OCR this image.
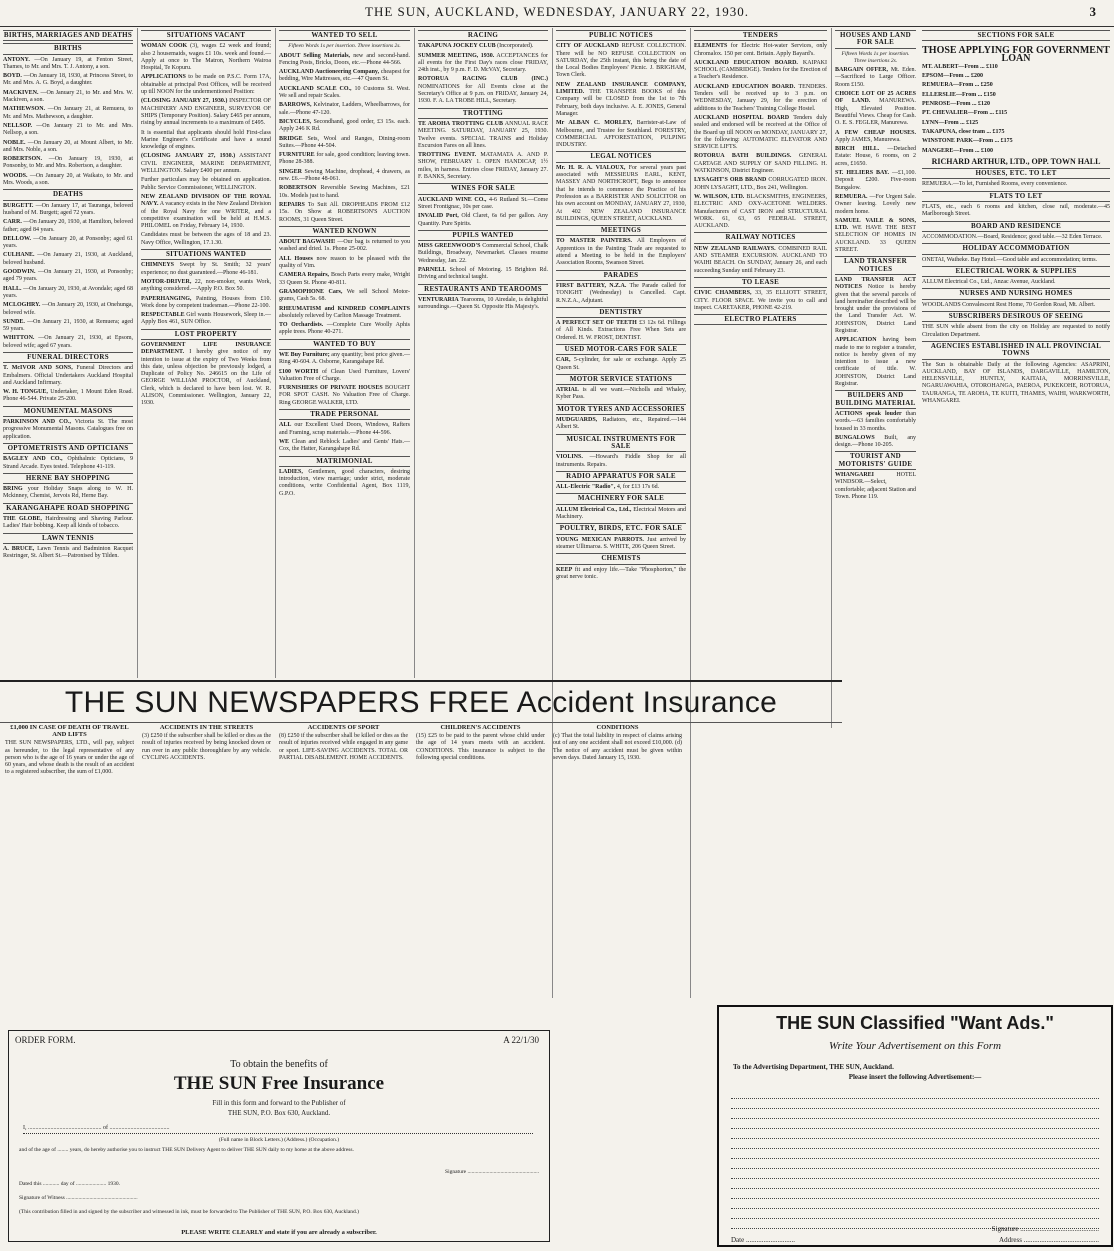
THE SUN, AUCKLAND, WEDNESDAY, JANUARY 22, 1930.	3
BIRTHS, MARRIAGES AND DEATHS
BIRTHS
ANTONY. —On January 19, at Fenton Street, Thames, to Mr. and Mrs. T. J. Antony, a son.
BOYD. —On January 18, 1930, at Princess Street, to Mr. and Mrs. A. G. Boyd, a daughter.
MACKIVEN. —On January 21, to Mr. and Mrs. W. Mackiven, a son.
MATHEWSON. —On January 21, at Remuera, to Mr. and Mrs. Mathewson, a daughter.
NELLSOP. —On January 21 to Mr. and Mrs. Nellsop, a son.
NOBLE. —On January 20, at Mount Albert, to Mr. and Mrs. Noble, a son.
ROBERTSON. —On January 19, 1930, at Ponsonby, to Mr. and Mrs. Robertson, a daughter.
WOODS. —On January 20, at Waikato, to Mr. and Mrs. Woods, a son.
DEATHS
BURGETT. —On January 17, at Tauranga, beloved husband of M. Burgett; aged 72 years.
CARR. —On January 20, 1930, at Hamilton, beloved father; aged 84 years.
DELLOW. —On January 20, at Ponsonby; aged 61 years.
CULHANE. —On January 21, 1930, at Auckland, beloved husband.
GOODWIN. —On January 21, 1930, at Ponsonby; aged 79 years.
HALL. —On January 20, 1930, at Avondale; aged 68 years.
MCLOGHRY. —On January 20, 1930, at Onehunga, beloved wife.
SUNDE. —On January 21, 1930, at Remuera; aged 59 years.
WHITTON. —On January 21, 1930, at Epsom, beloved wife; aged 67 years.
FUNERAL DIRECTORS
T. McIVOR AND SONS, Funeral Directors and Embalmers. Official Undertakers Auckland Hospital and Auckland Infirmary.
W. H. TONGUE, Undertaker, 1 Mount Eden Road. Phone 46-544. Private 25-200.
MONUMENTAL MASONS
PARKINSON AND CO., Victoria St. The most progressive Monumental Masons. Catalogues free on application.
OPTOMETRISTS AND OPTICIANS
BAGLEY AND CO., Ophthalmic Opticians, 9 Strand Arcade. Eyes tested. Telephone 41-119.
HERNE BAY SHOPPING
BRING your Holiday Snaps along to W. H. Mckinney, Chemist, Jervois Rd, Herne Bay.
KARANGAHAPE ROAD SHOPPING
THE GLOBE, Hairdressing and Shaving Parlour. Ladies' Hair bobbing. Keep all kinds of tobacco.
LAWN TENNIS
A. BRUCE, Lawn Tennis and Badminton Racquet Restringer, St. Albert St.—Patronised by Tilden.
SITUATIONS VACANT
WOMAN COOK (3), wages £2 week and found; also 2 housemaids, wages £1 10s. week and found.—Apply at once to The Matron, Northern Wairoa Hospital, Te Kopuru.
APPLICATIONS to be made on P.S.C. Form 17A, obtainable at principal Post Offices, will be received up till NOON for the undermentioned Position:
(CLOSING JANUARY 27, 1930.) INSPECTOR OF MACHINERY AND ENGINEER, SURVEYOR OF SHIPS (Temporary Position). Salary £465 per annum, rising by annual increments to a maximum of £495.
It is essential that applicants should hold First-class Marine Engineer's Certificate and have a sound knowledge of engines.
(CLOSING JANUARY 27, 1930.) ASSISTANT CIVIL ENGINEER, MARINE DEPARTMENT, WELLINGTON. Salary £400 per annum.
Further particulars may be obtained on application. Public Service Commissioner, WELLINGTON.
NEW ZEALAND DIVISION OF THE ROYAL NAVY. A vacancy exists in the New Zealand Division of the Royal Navy for one WRITER, and a competitive examination will be held at H.M.S. PHILOMEL on Friday, February 14, 1930.
Candidates must be between the ages of 18 and 23. Navy Office, Wellington, 17.1.30.
SITUATIONS WANTED
CHIMNEYS Swept by St. Smith; 32 years' experience; no dust guaranteed.—Phone 46-181.
MOTOR-DRIVER, 22, non-smoker, wants Work, anything considered.—Apply P.O. Box 50.
PAPERHANGING, Painting, Houses from £10. Work done by competent tradesman.—Phone 22-100.
RESPECTABLE Girl wants Housework, Sleep in.—Apply Box 461, SUN Office.
LOST PROPERTY
GOVERNMENT LIFE INSURANCE DEPARTMENT. I hereby give notice of my intention to issue at the expiry of Two Weeks from this date, unless objection be previously lodged, a Duplicate of Policy No. 246615 on the Life of GEORGE WILLIAM PROCTOR, of Auckland, Clerk, which is declared to have been lost. W. R. ALISON, Commissioner. Wellington, January 22, 1930.
WANTED TO SELL
Fifteen Words 1s per insertion. Three insertions 2s.
ABOUT Selling Materials, new and second-hand. Fencing Posts, Bricks, Doors, etc.—Phone 44-566.
AUCKLAND Auctioneering Company, cheapest for bedding, Wire Mattresses, etc.—47 Queen St.
AUCKLAND SCALE CO., 10 Customs St. West. We sell and repair Scales.
BARROWS, Kelvinator, Ladders, Wheelbarrows, for sale.—Phone 47-120.
BICYCLES, Secondhand, good order, £3 15s. each. Apply 246 K Rd.
BRIDGE Sets, Wool and Ranges, Dining-room Suites.—Phone 44-504.
FURNITURE for sale, good condition; leaving town. Phone 28-388.
SINGER Sewing Machine, drophead, 4 drawers, as new. £6.—Phone 48-061.
ROBERTSON Reversible Sewing Machines, £21 10s. Models just to hand.
REPAIRS To Suit All. DROPHEADS FROM £12 15s. On Show at ROBERTSON'S AUCTION ROOMS, 31 Queen Street.
WANTED KNOWN
ABOUT BAGWASH! —Our bag is returned to you washed and dried. 1s. Phone 25-002.
ALL Houses now reason to be pleased with the quality of Vim.
CAMERA Repairs, Bosch Parts every make, Wright 33 Queen St. Phone 40-811.
GRAMOPHONE Cars, We sell School Motor-grams, Cash 5s. 68.
RHEUMATISM and KINDRED COMPLAINTS absolutely relieved by Carlton Massage Treatment.
TO Orchardists. —Complete Cure Woolly Aphis apple trees. Phone 40-271.
WANTED TO BUY
WE Buy Furniture; any quantity; best price given.—Ring 40-604. A. Osborne, Karangahape Rd.
£100 WORTH of Clean Used Furniture, Lovers' Valuation Free of Charge.
FURNISHERS OF PRIVATE HOUSES BOUGHT FOR SPOT CASH. No Valuation Free of Charge. Ring GEORGE WALKER, LTD.
TRADE PERSONAL
ALL our Excellent Used Doors, Windows, Rafters and Framing, scrap materials.—Phone 44-596.
WE Clean and Reblock Ladies' and Gents' Hats.—Cox, the Hatter, Karangahape Rd.
MATRIMONIAL
LADIES, Gentlemen, good characters, desiring introduction, view marriage; under strict, moderate conditions, write Confidential Agent, Box 1119, G.P.O.
RACING
TAKAPUNA JOCKEY CLUB (Incorporated).
SUMMER MEETING, 1930. ACCEPTANCES for all events for the First Day's races close FRIDAY, 24th inst., by 9 p.m. F. D. McVAY, Secretary.
ROTORUA RACING CLUB (INC.) NOMINATIONS for All Events close at the Secretary's Office at 9 p.m. on FRIDAY, January 24, 1930. F. A. LA TROBE HILL, Secretary.
TROTTING
TE AROHA TROTTING CLUB ANNUAL RACE MEETING. SATURDAY, JANUARY 25, 1930. Twelve events. SPECIAL TRAINS and Holiday Excursion Fares on all lines.
TROTTING EVENT. MATAMATA A. AND P. SHOW, FEBRUARY 1. OPEN HANDICAP, 1½ miles, in harness. Entries close FRIDAY, January 27. F. BANKS, Secretary.
WINES FOR SALE
AUCKLAND WINE CO., 4-6 Rutland St.—Come Street Frontignac, 10s per case.
INVALID Port, Old Claret, 6s 6d per gallon. Any Quantity. Pure Spirits.
PUPILS WANTED
MISS GREENWOOD'S Commercial School, Chalk Buildings, Broadway, Newmarket. Classes resume Wednesday, Jan. 22.
PARNELL School of Motoring. 15 Brighton Rd. Driving and technical taught.
RESTAURANTS AND TEAROOMS
VENTURARIA Tearooms, 10 Airedale, is delightful surroundings.—Queen St. Opposite His Majesty's.
PUBLIC NOTICES
CITY OF AUCKLAND REFUSE COLLECTION. There will be NO REFUSE COLLECTION on SATURDAY, the 25th instant, this being the date of the Local Bodies Employees' Picnic. J. BRIGHAM, Town Clerk.
NEW ZEALAND INSURANCE COMPANY, LIMITED. THE TRANSFER BOOKS of this Company will be CLOSED from the 1st to 7th February, both days inclusive. A. E. JONES, General Manager.
Mr ALBAN C. MORLEY, Barrister-at-Law of Melbourne, and Trustee for Southland. FORESTRY, COMMERCIAL AFFORESTATION, PULPING INDUSTRY.
LEGAL NOTICES
Mr. H. R. A. VIALOUX, For several years past associated with MESSIEURS EARL, KENT, MASSEY AND NORTHCROFT, Begs to announce that he intends to commence the Practice of his Profession as a BARRISTER AND SOLICITOR on his own account on MONDAY, JANUARY 27, 1930, At 402 NEW ZEALAND INSURANCE BUILDINGS, QUEEN STREET, AUCKLAND.
MEETINGS
TO MASTER PAINTERS. All Employers of Apprentices in the Painting Trade are requested to attend a Meeting to be held in the Employers' Association Rooms, Swanson Street.
PARADES
FIRST BATTERY, N.Z.A. The Parade called for TONIGHT (Wednesday) is Cancelled. Capt. R.N.Z.A., Adjutant.
DENTISTRY
A PERFECT SET OF TEETH £3 12s 6d. Fillings of All Kinds. Extractions Free When Sets are Ordered. H. W. FROST, DENTIST.
USED MOTOR-CARS FOR SALE
CAR, 5-cylinder, for sale or exchange. Apply 25 Queen St.
MOTOR SERVICE STATIONS
ATRIAL is all we want.—Nicholls and Whaley, Kyber Pass.
MOTOR TYRES AND ACCESSORIES
MUDGUARDS, Radiators, etc., Repaired.—144 Albert St.
MUSICAL INSTRUMENTS FOR SALE
VIOLINS. —Howard's Fiddle Shop for all instruments. Repairs.
RADIO APPARATUS FOR SALE
ALL-Electric "Radio", 4, for £13 17s 6d.
MACHINERY FOR SALE
ALLUM Electrical Co., Ltd., Electrical Motors and Machinery.
POULTRY, BIRDS, ETC. FOR SALE
YOUNG MEXICAN PARROTS. Just arrived by steamer Ullimaroa. S. WHITE, 206 Queen Street.
CHEMISTS
KEEP fit and enjoy life.—Take "Phosphorton," the great nerve tonic.
TENDERS
ELEMENTS for Electric Hot-water Services, only Chromalox. 150 per cent. Britain. Apply Bayard's.
AUCKLAND EDUCATION BOARD. KAIPAKI SCHOOL (CAMBRIDGE). Tenders for the Erection of a Teacher's Residence.
AUCKLAND EDUCATION BOARD. TENDERS. Tenders will be received up to 3 p.m. on WEDNESDAY, January 29, for the erection of additions to the Teachers' Training College Hostel.
AUCKLAND HOSPITAL BOARD Tenders duly sealed and endorsed will be received at the Office of the Board up till NOON on MONDAY, JANUARY 27, for the following: AUTOMATIC ELEVATOR AND SERVICE LIFTS.
ROTORUA BATH BUILDINGS. GENERAL CARTAGE AND SUPPLY OF SAND FILLING. H. WATKINSON, District Engineer.
LYSAGHT'S ORB BRAND CORRUGATED IRON. JOHN LYSAGHT, LTD., Box 241, Wellington.
W. WILSON, LTD. BLACKSMITHS, ENGINEERS, ELECTRIC AND OXY-ACETONE WELDERS. Manufacturers of CAST IRON and STRUCTURAL WORK. 61, 63, 65 FEDERAL STREET, AUCKLAND.
RAILWAY NOTICES
NEW ZEALAND RAILWAYS. COMBINED RAIL AND STEAMER EXCURSION. AUCKLAND TO WAIHI BEACH. On SUNDAY, January 26, and each succeeding Sunday until February 23.
TO LEASE
CIVIC CHAMBERS, 33, 35 ELLIOTT STREET, CITY. FLOOR SPACE. We invite you to call and inspect. CARETAKER, PHONE 42-219.
ELECTRO PLATERS
HOUSES AND LAND FOR SALE
Fifteen Words 1s per insertion. Three insertions 2s.
BARGAIN OFFER, Mt. Eden.—Sacrificed to Large Officer. Room £150.
CHOICE LOT OF 25 ACRES OF LAND. MANUREWA. High, Elevated Position. Beautiful Views. Cheap for Cash. O. E. S. FEGLER, Manurewa.
A FEW CHEAP HOUSES. Apply JAMES, Manurewa.
BIRCH HILL. —Detached Estate: House, 6 rooms, on 2 acres, £1650.
ST. HELIERS BAY. —£1,100. Deposit £200. Five-room Bungalow.
REMUERA. —For Urgent Sale. Owner leaving. Lovely new modern home.
SAMUEL VAILE & SONS, LTD. WE HAVE THE BEST SELECTION OF HOMES IN AUCKLAND. 33 QUEEN STREET.
LAND TRANSFER NOTICES
LAND TRANSFER ACT NOTICES Notice is hereby given that the several parcels of land hereinafter described will be brought under the provisions of the Land Transfer Act. W. JOHNSTON, District Land Registrar.
APPLICATION having been made to me to register a transfer, notice is hereby given of my intention to issue a new certificate of title. W. JOHNSTON, District Land Registrar.
BUILDERS AND BUILDING MATERIAL
ACTIONS speak louder than words.—63 families comfortably housed in 33 months.
BUNGALOWS Built, any design.—Phone 10-205.
TOURIST AND MOTORISTS' GUIDE
WHANGAREI	HOTEL WINDSOR.—Select, comfortable; adjacent Station and Town. Phone 119.
SECTIONS FOR SALE
THOSE APPLYING FOR GOVERNMENT LOAN
MT. ALBERT—From ... £110
EPSOM—From ... £200
REMUERA—From ... £250
ELLERSLIE—From ... £150
PENROSE—From ... £120
PT. CHEVALIER—From ... £115
LYNN—From ... £125
TAKAPUNA, close tram ... £175
WINSTONE PARK—From ... £175
MANGERE—From ... £100
RICHARD ARTHUR, LTD., OPP. TOWN HALL
HOUSES, ETC. TO LET
REMUERA.—To let, Furnished Rooms, every convenience.
FLATS TO LET
FLATS, etc., each 6 rooms and kitchen, close rail, moderate.—45 Marlborough Street.
BOARD AND RESIDENCE
ACCOMMODATION.—Board, Residence; good table.—32 Eden Terrace.
HOLIDAY ACCOMMODATION
ONETAI, Waiheke. Bay Hotel.—Good table and accommodation; terms.
ELECTRICAL WORK & SUPPLIES
ALLUM Electrical Co., Ltd., Anzac Avenue, Auckland.
NURSES AND NURSING HOMES
WOODLANDS Convalescent Rest Home, 70 Gordon Road, Mt. Albert.
SUBSCRIBERS DESIROUS OF SEEING
THE SUN while absent from the city on Holiday are requested to notify Circulation Department.
AGENCIES ESTABLISHED IN ALL PROVINCIAL TOWNS
The Sun is obtainable Daily at the following Agencies: ASAPRINI, AUCKLAND, BAY OF ISLANDS, DARGAVILLE, HAMILTON, HELENSVILLE, HUNTLY, KAITAIA, MORRINSVILLE, NGARUAWAHIA, OTOROHANGA, PAEROA, PUKEKOHE, ROTORUA, TAURANGA, TE AROHA, TE KUITI, THAMES, WAIHI, WARKWORTH, WHANGAREI.
THE SUN NEWSPAPERS FREE Accident Insurance
£1,000 IN CASE OF DEATH OF TRAVEL AND LIFTS
THE SUN NEWSPAPERS, LTD., will pay, subject as hereunder, to the legal representative of any person who is the age of 16 years or under the age of 60 years, and whose death is the result of an accident to a registered subscriber, the sum of £1,000.
ACCIDENTS IN THE STREETS
(3) £250 if the subscriber shall be killed or dies as the result of injuries received by being knocked down or run over in any public thoroughfare by any vehicle. CYCLING ACCIDENTS.
ACCIDENTS OF SPORT
(8) £250 if the subscriber shall be killed or dies as the result of injuries received while engaged in any game or sport. LIFE-SAVING ACCIDENTS. TOTAL OR PARTIAL DISABLEMENT. HOME ACCIDENTS.
CHILDREN'S ACCIDENTS
(15) £25 to be paid to the parent whose child under the age of 14 years meets with an accident. CONDITIONS. This insurance is subject to the following special conditions.
CONDITIONS
(c) That the total liability in respect of claims arising out of any one accident shall not exceed £10,000. (d) The notice of any accident must be given within seven days. Dated January 15, 1930.
ORDER FORM.	A 22/1/30
To obtain the benefits of
THE SUN Free Insurance
Fill in this form and forward to the Publisher of
THE SUN, P.O. Box 630, Auckland.
I, ................................................. of ........................................
(Full name in Block Letters.) (Address.) (Occupation.)
and of the age of ........ years, do hereby authorise you to instruct THE SUN Delivery Agent to deliver THE SUN daily to my home at the above address.
Signature ....................................................
Dated this ............ day of ...................... 1930.
Signature of Witness ....................................................
(This contribution filled in and signed by the subscriber and witnessed in ink, must be forwarded to The Publisher of THE SUN, P.O. Box 630, Auckland.)
PLEASE WRITE CLEARLY and state if you are already a subscriber.
THE SUN Classified "Want Ads."
Write Your Advertisement on this Form
To the Advertising Department, THE SUN, Auckland.
Please insert the following Advertisement:—
Signature .............................................
Date ............................	Address ...........................................
